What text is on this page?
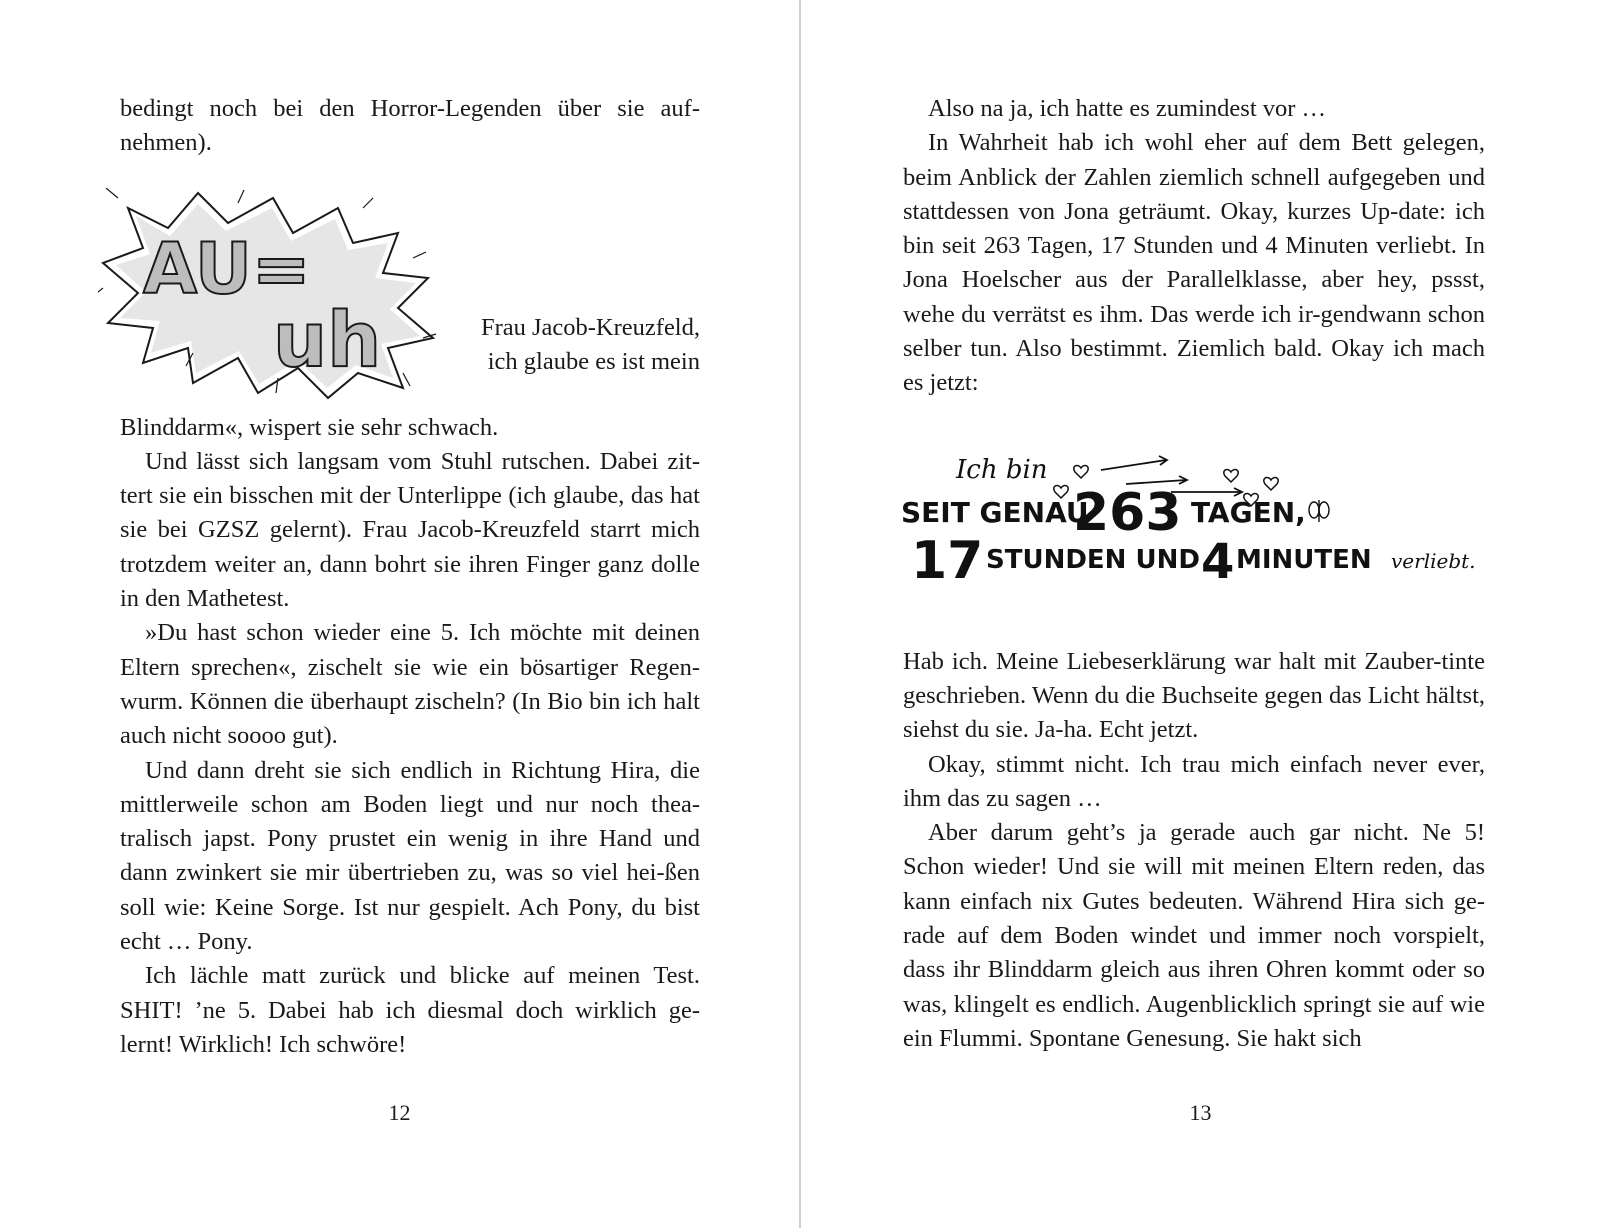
bedingt noch bei den Horror-Legenden über sie auf-nehmen).

Frau Jacob-Kreuzfeld,
ich glaube es ist mein

Blinddarm«, wispert sie sehr schwach.

Und lässt sich langsam vom Stuhl rutschen. Dabei zit-tert sie ein bisschen mit der Unterlippe (ich glaube, das hat sie bei GZSZ gelernt). Frau Jacob-Kreuzfeld starrt mich trotzdem weiter an, dann bohrt sie ihren Finger ganz dolle in den Mathetest.

»Du hast schon wieder eine 5. Ich möchte mit deinen Eltern sprechen«, zischelt sie wie ein bösartiger Regen-wurm. Können die überhaupt zischeln? (In Bio bin ich halt auch nicht soooo gut).

Und dann dreht sie sich endlich in Richtung Hira, die mittlerweile schon am Boden liegt und nur noch thea-tralisch japst. Pony prustet ein wenig in ihre Hand und dann zwinkert sie mir übertrieben zu, was so viel hei-ßen soll wie: Keine Sorge. Ist nur gespielt. Ach Pony, du bist echt … Pony.

Ich lächle matt zurück und blicke auf meinen Test. SHIT! ’ne 5. Dabei hab ich diesmal doch wirklich ge-lernt! Wirklich! Ich schwöre!

AU=
uh
12

Also na ja, ich hatte es zumindest vor …

In Wahrheit hab ich wohl eher auf dem Bett gelegen, beim Anblick der Zahlen ziemlich schnell aufgegeben und stattdessen von Jona geträumt. Okay, kurzes Up-date: ich bin seit 263 Tagen, 17 Stunden und 4 Minuten verliebt. In Jona Hoelscher aus der Parallelklasse, aber hey, pssst, wehe du verrätst es ihm. Das werde ich ir-gendwann schon selber tun. Also bestimmt. Ziemlich bald. Okay ich mach es jetzt:

Hab ich. Meine Liebeserklärung war halt mit Zauber-tinte geschrieben. Wenn du die Buchseite gegen das Licht hältst, siehst du sie. Ja-ha. Echt jetzt.

Okay, stimmt nicht. Ich trau mich einfach never ever, ihm das zu sagen …

Aber darum geht’s ja gerade auch gar nicht. Ne 5! Schon wieder! Und sie will mit meinen Eltern reden, das kann einfach nix Gutes bedeuten. Während Hira sich ge-rade auf dem Boden windet und immer noch vorspielt, dass ihr Blinddarm gleich aus ihren Ohren kommt oder so was, klingelt es endlich. Augenblicklich springt sie auf wie ein Flummi. Spontane Genesung. Sie hakt sich

Ich bin
SEIT GENAU
263 TAGEN,
17 STUNDEN UND 4 MINUTEN verliebt.
13
